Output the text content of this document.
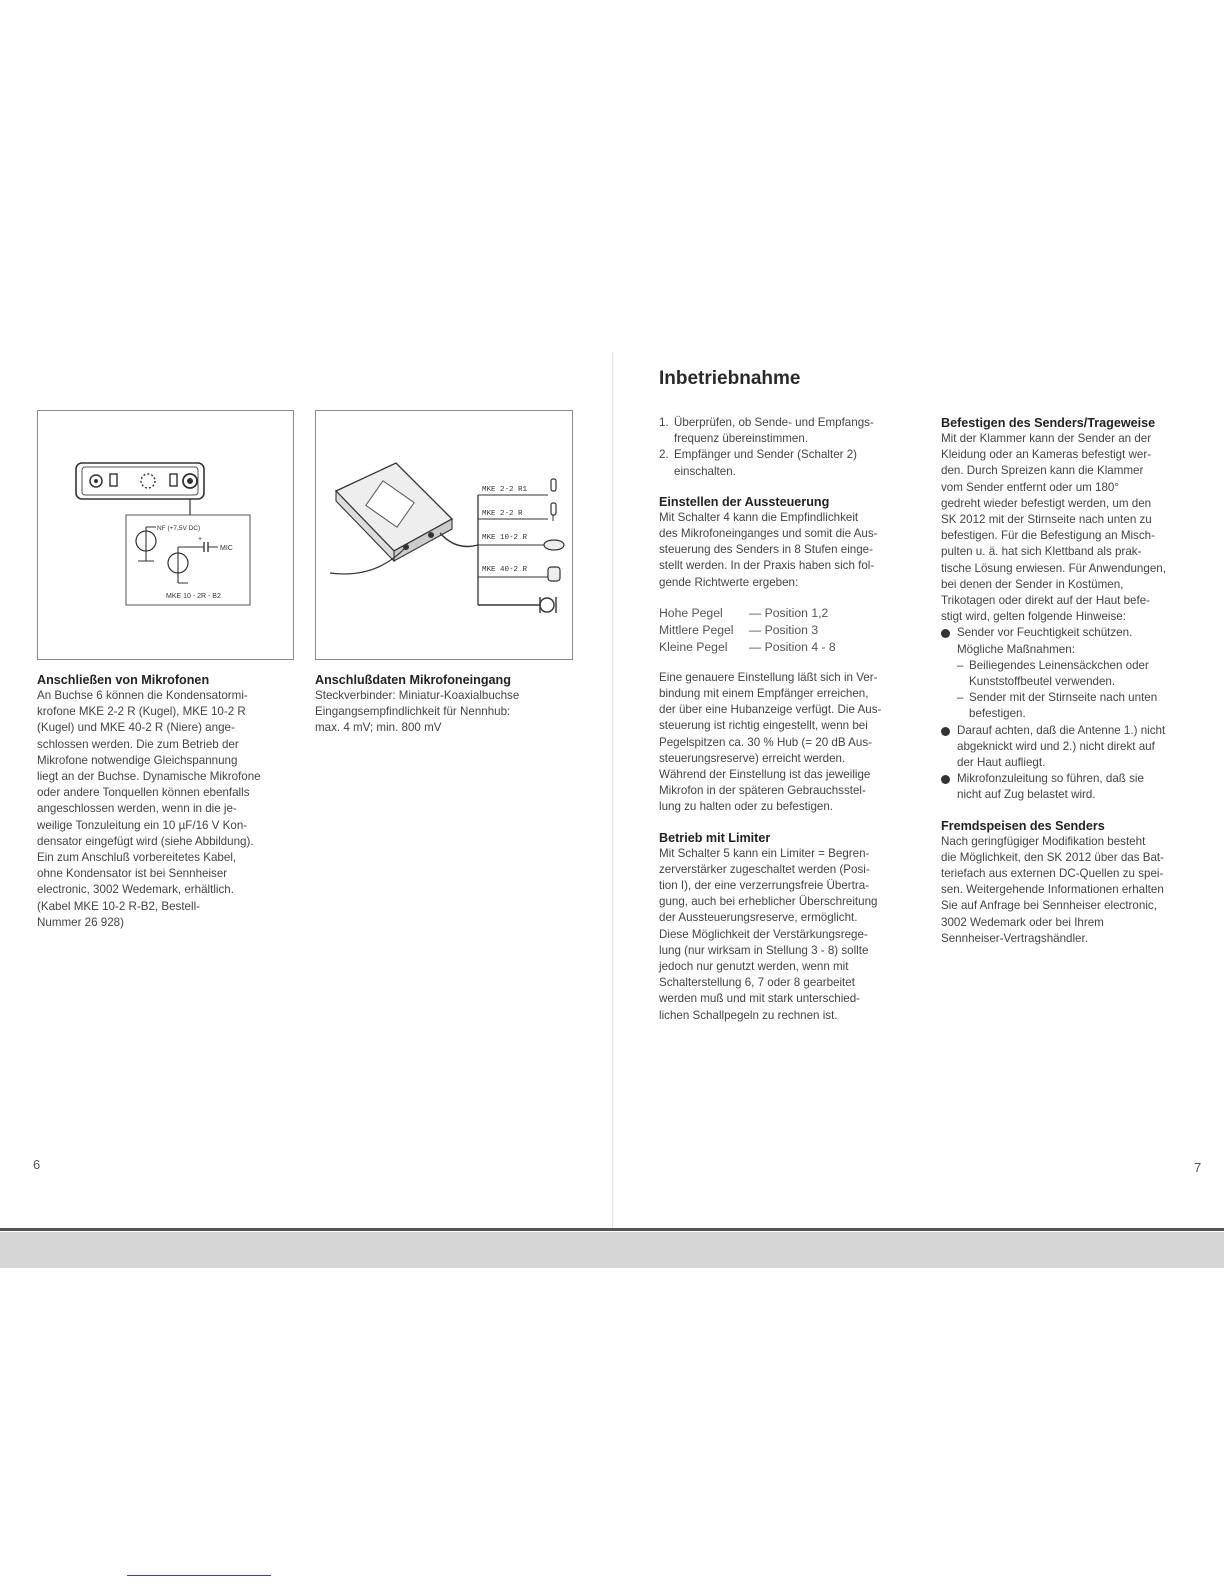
NF (+7,5V DC)
+
MIC
MKE 10 - 2R - B2
MKE 2-2 R1
MKE 2-2 R
MKE 10-2 R
MKE 40-2 R
Anschließen von Mikrofonen

An Buchse 6 können die Kondensatormi-

krofone MKE 2-2 R (Kugel), MKE 10-2 R

(Kugel) und MKE 40-2 R (Niere) ange-

schlossen werden. Die zum Betrieb der

Mikrofone notwendige Gleichspannung

liegt an der Buchse. Dynamische Mikrofone

oder andere Tonquellen können ebenfalls

angeschlossen werden, wenn in die je-

weilige Tonzuleitung ein 10 µF/16 V Kon-

densator eingefügt wird (siehe Abbildung).

Ein zum Anschluß vorbereitetes Kabel,

ohne Kondensator ist bei Sennheiser

electronic, 3002 Wedemark, erhältlich.

(Kabel MKE 10-2 R-B2, Bestell-

Nummer 26 928)

Anschlußdaten Mikrofoneingang

Steckverbinder: Miniatur-Koaxialbuchse

Eingangsempfindlichkeit für Nennhub:

max. 4 mV; min. 800 mV

6
Inbetriebnahme
1. Überprüfen, ob Sende- und Empfangs-
frequenz übereinstimmen.
2. Empfänger und Sender (Schalter 2)
einschalten.
Einstellen der Aussteuerung

Mit Schalter 4 kann die Empfindlichkeit

des Mikrofoneinganges und somit die Aus-

steuerung des Senders in 8 Stufen einge-

stellt werden. In der Praxis haben sich fol-

gende Richtwerte ergeben:

Hohe Pegel	— Position 1,2
Mittlere Pegel	— Position 3
Kleine Pegel	— Position 4 - 8

Eine genauere Einstellung läßt sich in Ver-

bindung mit einem Empfänger erreichen,

der über eine Hubanzeige verfügt. Die Aus-

steuerung ist richtig eingestellt, wenn bei

Pegelspitzen ca. 30 % Hub (= 20 dB Aus-

steuerungsreserve) erreicht werden.

Während der Einstellung ist das jeweilige

Mikrofon in der späteren Gebrauchsstel-

lung zu halten oder zu befestigen.

Betrieb mit Limiter

Mit Schalter 5 kann ein Limiter = Begren-

zerverstärker zugeschaltet werden (Posi-

tion I), der eine verzerrungsfreie Übertra-

gung, auch bei erheblicher Überschreitung

der Aussteuerungsreserve, ermöglicht.

Diese Möglichkeit der Verstärkungsrege-

lung (nur wirksam in Stellung 3 - 8) sollte

jedoch nur genutzt werden, wenn mit

Schalterstellung 6, 7 oder 8 gearbeitet

werden muß und mit stark unterschied-

lichen Schallpegeln zu rechnen ist.

Befestigen des Senders/Trageweise

Mit der Klammer kann der Sender an der

Kleidung oder an Kameras befestigt wer-

den. Durch Spreizen kann die Klammer

vom Sender entfernt oder um 180°

gedreht wieder befestigt werden, um den

SK 2012 mit der Stirnseite nach unten zu

befestigen. Für die Befestigung an Misch-

pulten u. ä. hat sich Klettband als prak-

tische Lösung erwiesen. Für Anwendungen,

bei denen der Sender in Kostümen,

Trikotagen oder direkt auf der Haut befe-

stigt wird, gelten folgende Hinweise:

Sender vor Feuchtigkeit schützen.
Mögliche Maßnahmen:
– Beiliegendes Leinensäckchen oder
Kunststoffbeutel verwenden.
– Sender mit der Stirnseite nach unten
befestigen.
Darauf achten, daß die Antenne 1.) nicht
abgeknickt wird und 2.) nicht direkt auf
der Haut aufliegt.
Mikrofonzuleitung so führen, daß sie
nicht auf Zug belastet wird.
Fremdspeisen des Senders

Nach geringfügiger Modifikation besteht

die Möglichkeit, den SK 2012 über das Bat-

teriefach aus externen DC-Quellen zu spei-

sen. Weitergehende Informationen erhalten

Sie auf Anfrage bei Sennheiser electronic,

3002 Wedemark oder bei Ihrem

Sennheiser-Vertragshändler.

7
